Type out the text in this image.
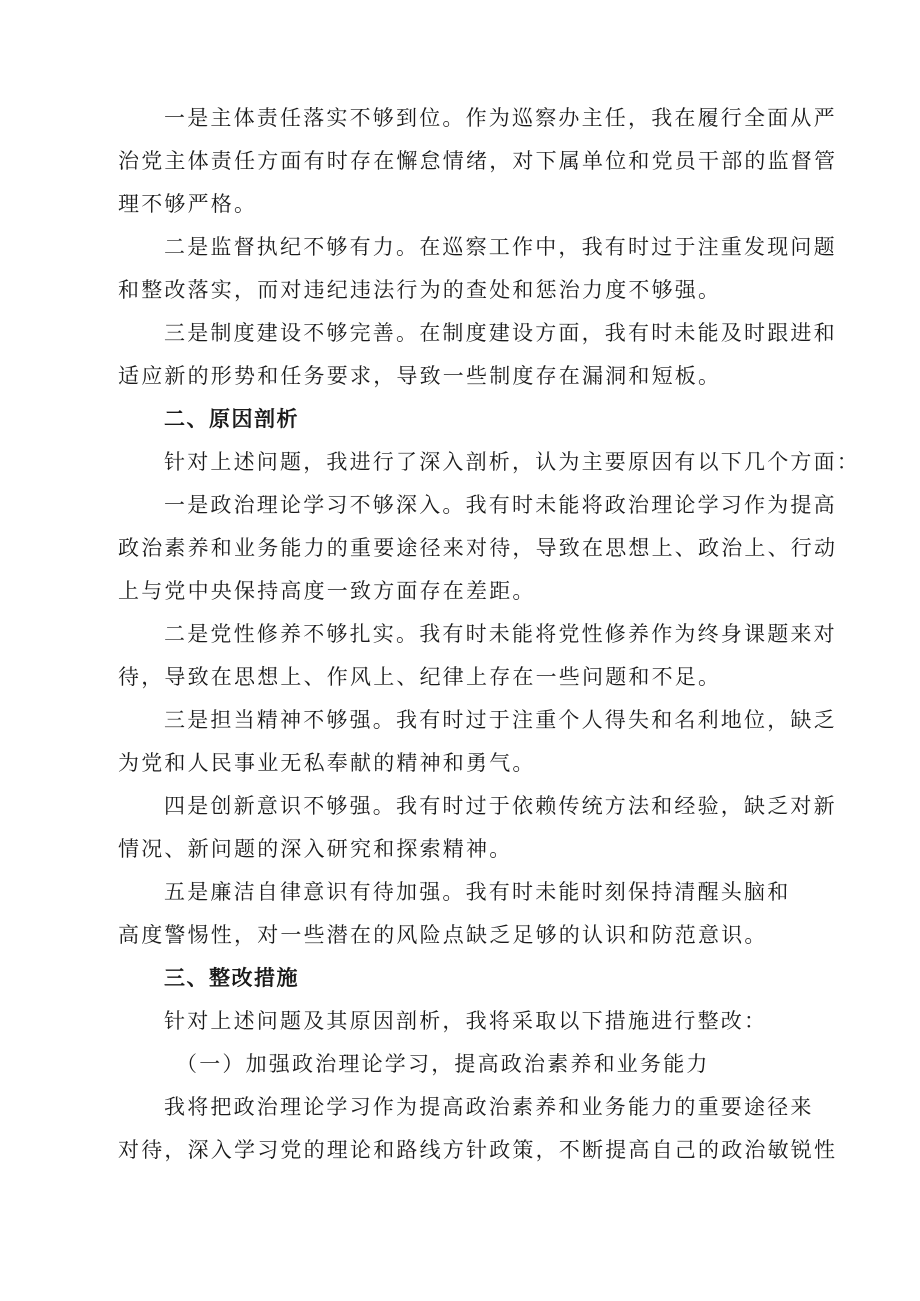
一是主体责任落实不够到位。作为巡察办主任，我在履行全面从严
治党主体责任方面有时存在懈怠情绪，对下属单位和党员干部的监督管
理不够严格。
二是监督执纪不够有力。在巡察工作中，我有时过于注重发现问题
和整改落实，而对违纪违法行为的查处和惩治力度不够强。
三是制度建设不够完善。在制度建设方面，我有时未能及时跟进和
适应新的形势和任务要求，导致一些制度存在漏洞和短板。
二、原因剖析
针对上述问题，我进行了深入剖析，认为主要原因有以下几个方面：
一是政治理论学习不够深入。我有时未能将政治理论学习作为提高
政治素养和业务能力的重要途径来对待，导致在思想上、政治上、行动
上与党中央保持高度一致方面存在差距。
二是党性修养不够扎实。我有时未能将党性修养作为终身课题来对
待，导致在思想上、作风上、纪律上存在一些问题和不足。
三是担当精神不够强。我有时过于注重个人得失和名利地位，缺乏
为党和人民事业无私奉献的精神和勇气。
四是创新意识不够强。我有时过于依赖传统方法和经验，缺乏对新
情况、新问题的深入研究和探索精神。
五是廉洁自律意识有待加强。我有时未能时刻保持清醒头脑和
高度警惕性，对一些潜在的风险点缺乏足够的认识和防范意识。
三、整改措施
针对上述问题及其原因剖析，我将采取以下措施进行整改：
（一）加强政治理论学习，提高政治素养和业务能力
我将把政治理论学习作为提高政治素养和业务能力的重要途径来
对待，深入学习党的理论和路线方针政策，不断提高自己的政治敏锐性
